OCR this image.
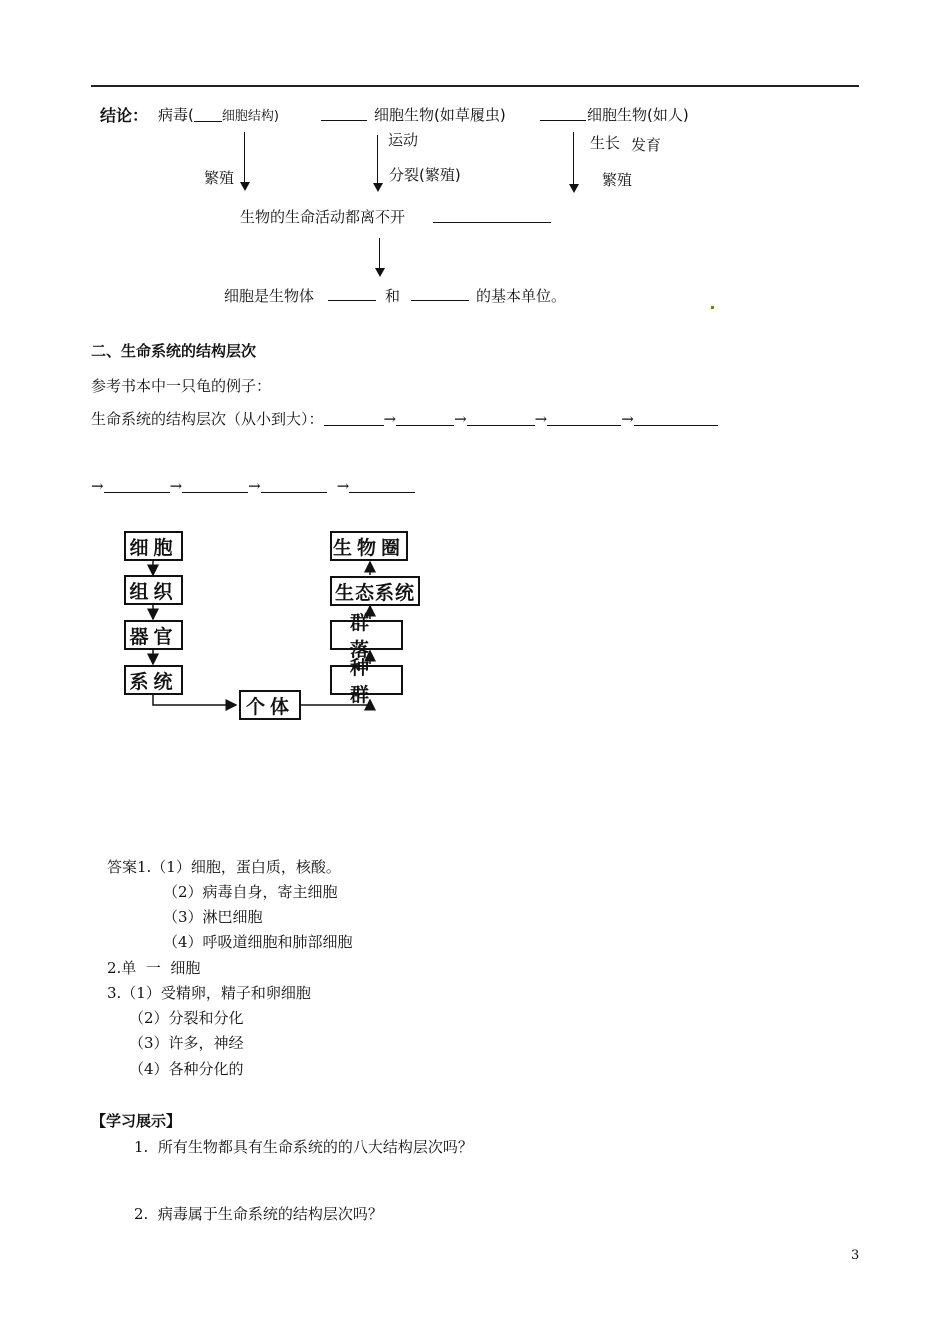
结论： 病毒( 细胞结构)	细胞生物(如草履虫)	细胞生物(如人)
运动	生长 发育
繁殖	分裂(繁殖)	繁殖
生物的生命活动都离不开
细胞是生物体	和	的基本单位。
二、生命系统的结构层次
参考书本中一只龟的例子：
生命系统的结构层次（从小到大）：	→	→	→	→
→	→	→	→
细胞
组织
器官
系统
个体
种群
群落
生态系统
生物圈
答案1.（1）细胞，蛋白质，核酸。
（2）病毒自身，寄主细胞
（3）淋巴细胞
（4）呼吸道细胞和肺部细胞
2.单  一  细胞
3.（1）受精卵，精子和卵细胞
（2）分裂和分化
（3）许多，神经
（4）各种分化的
【学习展示】
1.  所有生物都具有生命系统的的八大结构层次吗？
2.  病毒属于生命系统的结构层次吗？
3
